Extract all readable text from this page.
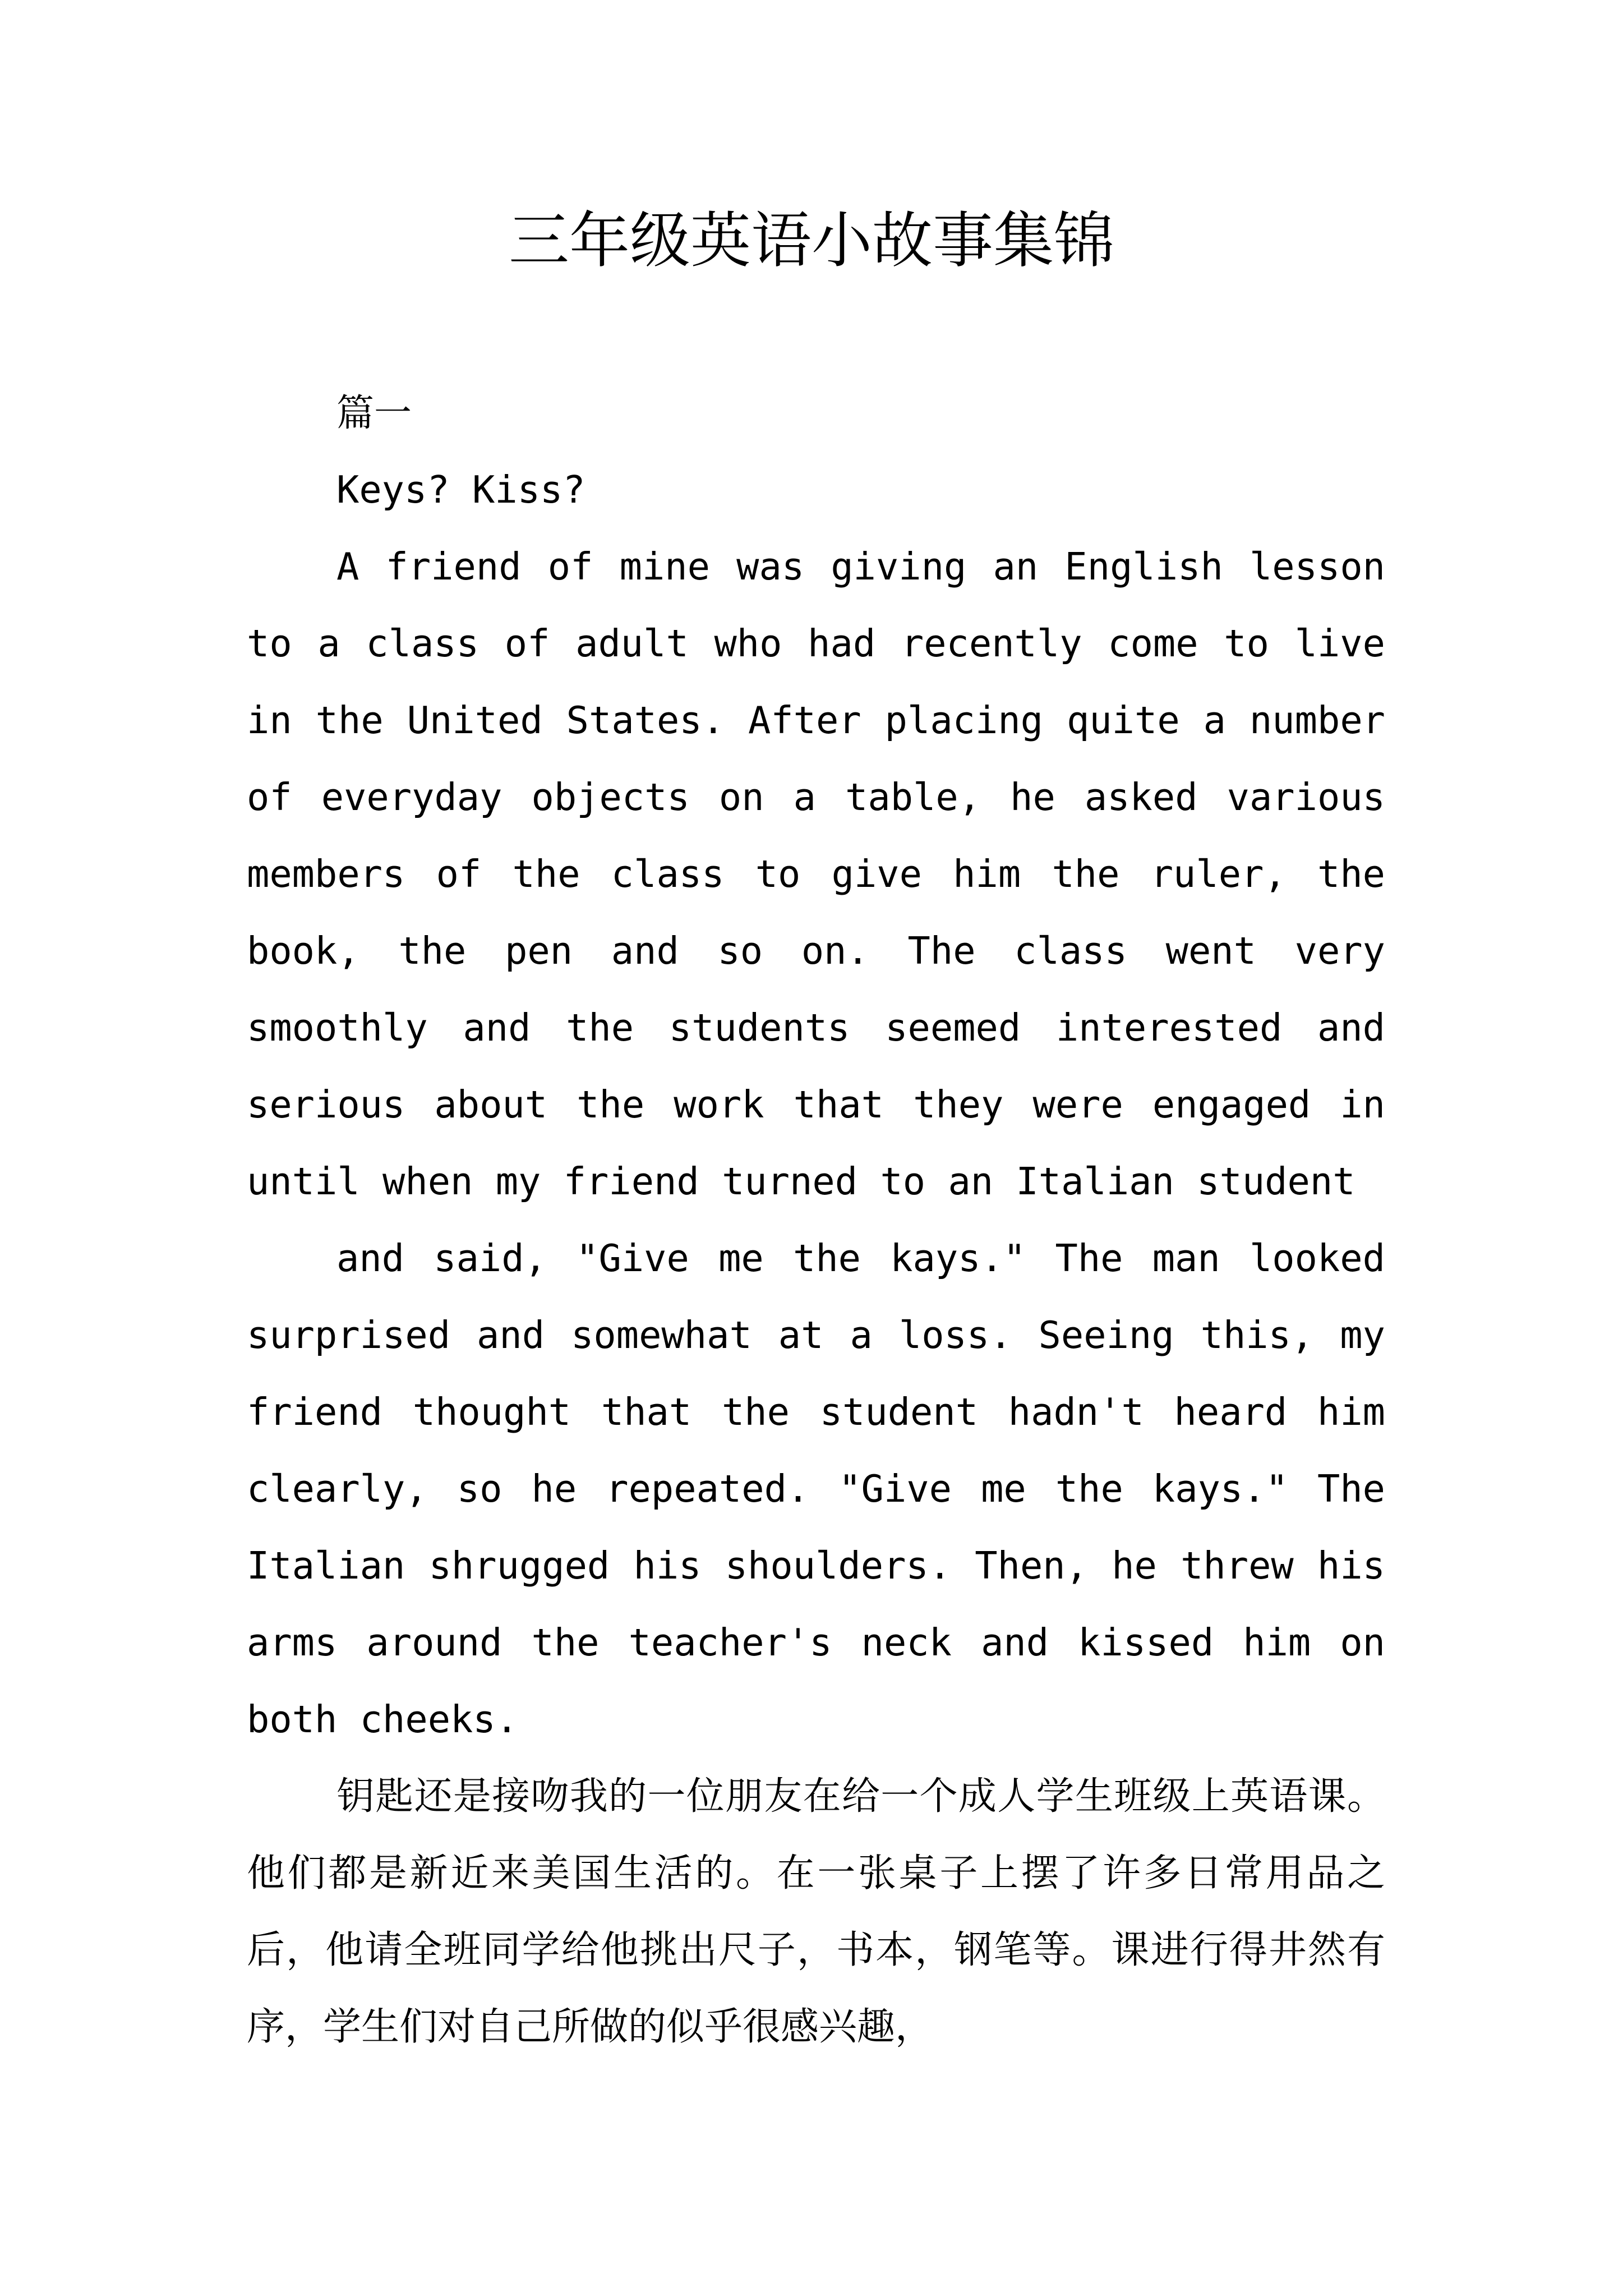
三年级英语小故事集锦

篇一

Keys? Kiss?

A friend of mine was giving an English lesson to a class of adult who had recently come to live in the United States. After placing quite a number of everyday objects on a table, he asked various members of the class to give him the ruler, the book, the pen and so on. The class went very smoothly and the students seemed interested and serious about the work that they were engaged in until when my friend turned to an Italian student

and said, "Give me the kays." The man looked surprised and somewhat at a loss. Seeing this, my friend thought that the student hadn't heard him clearly, so he repeated. "Give me the kays." The Italian shrugged his shoulders. Then, he threw his arms around the teacher's neck and kissed him on both cheeks.

钥匙还是接吻我的一位朋友在给一个成人学生班级上英语课。他们都是新近来美国生活的。在一张桌子上摆了许多日常用品之后，他请全班同学给他挑出尺子，书本，钢笔等。课进行得井然有序，学生们对自己所做的似乎很感兴趣，
